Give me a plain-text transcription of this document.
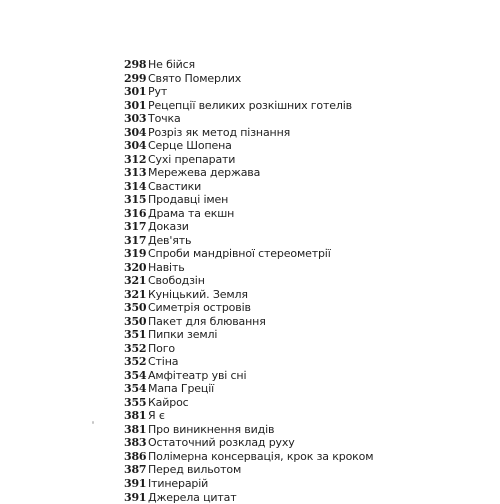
298 Не бійся
299 Свято Померлих
301 Рут
301 Рецепції великих розкішних готелів
303 Точка
304 Розріз як метод пізнання
304 Серце Шопена
312 Сухі препарати
313 Мережева держава
314 Свастики
315 Продавці імен
316 Драма та екшн
317 Докази
317 Дев'ять
319 Спроби мандрівної стереометрії
320 Навіть
321 Свободзін
321 Куніцький. Земля
350 Симетрія островів
350 Пакет для блювання
351 Пипки землі
352 Пого
352 Стіна
354 Амфітеатр уві сні
354 Мапа Греції
355 Кайрос
381 Я є
381 Про виникнення видів
383 Остаточний розклад руху
386 Полімерна консервація, крок за кроком
387 Перед вильотом
391 Ітинерарій
391 Джерела цитат
